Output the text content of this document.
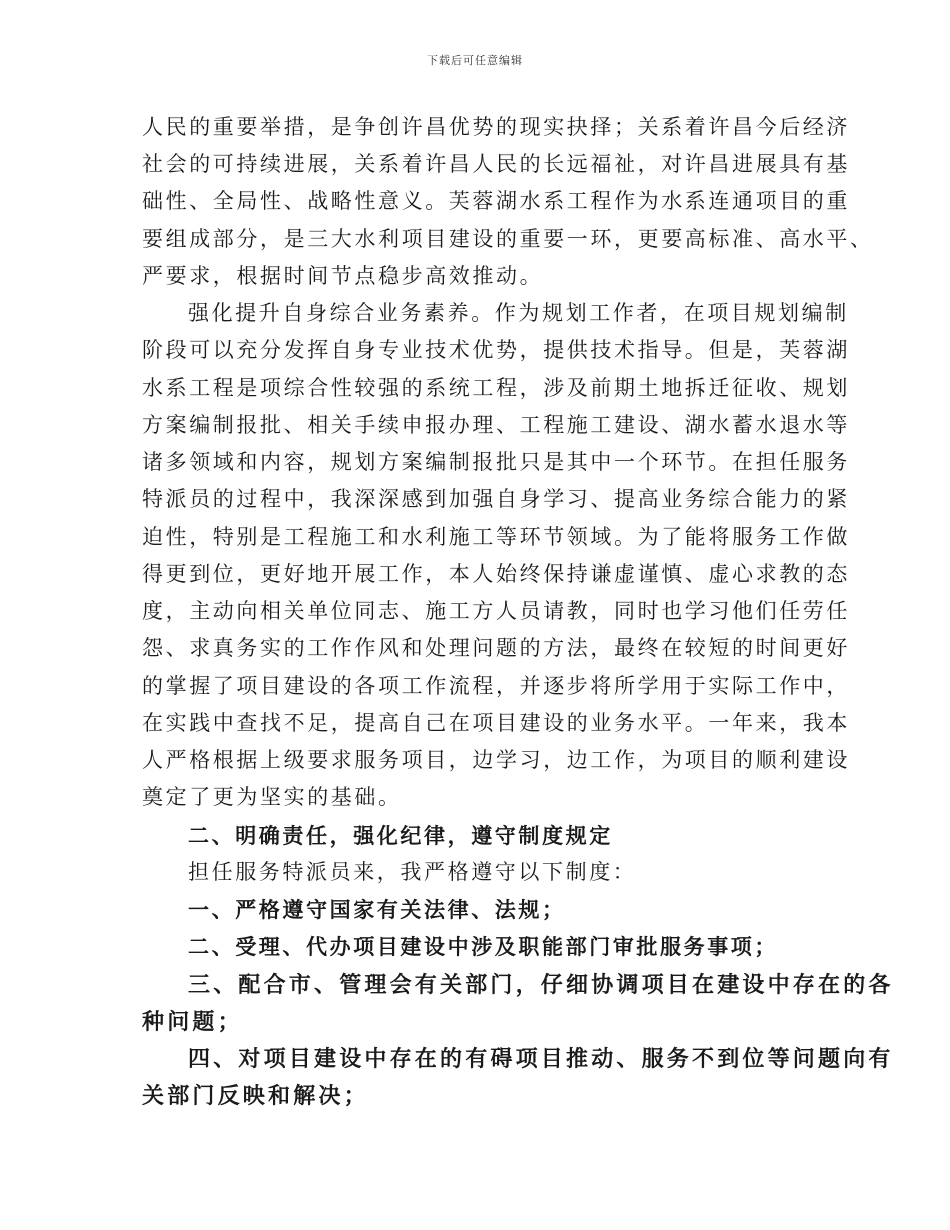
下载后可任意编辑
人民的重要举措，是争创许昌优势的现实抉择；关系着许昌今后经济
社会的可持续进展，关系着许昌人民的长远福祉，对许昌进展具有基
础性、全局性、战略性意义。芙蓉湖水系工程作为水系连通项目的重
要组成部分，是三大水利项目建设的重要一环，更要高标准、高水平、
严要求，根据时间节点稳步高效推动。
强化提升自身综合业务素养。作为规划工作者，在项目规划编制
阶段可以充分发挥自身专业技术优势，提供技术指导。但是，芙蓉湖
水系工程是项综合性较强的系统工程，涉及前期土地拆迁征收、规划
方案编制报批、相关手续申报办理、工程施工建设、湖水蓄水退水等
诸多领域和内容，规划方案编制报批只是其中一个环节。在担任服务
特派员的过程中，我深深感到加强自身学习、提高业务综合能力的紧
迫性，特别是工程施工和水利施工等环节领域。为了能将服务工作做
得更到位，更好地开展工作，本人始终保持谦虚谨慎、虚心求教的态
度，主动向相关单位同志、施工方人员请教，同时也学习他们任劳任
怨、求真务实的工作作风和处理问题的方法，最终在较短的时间更好
的掌握了项目建设的各项工作流程，并逐步将所学用于实际工作中，
在实践中查找不足，提高自己在项目建设的业务水平。一年来，我本
人严格根据上级要求服务项目，边学习，边工作，为项目的顺利建设
奠定了更为坚实的基础。
二、明确责任，强化纪律，遵守制度规定
担任服务特派员来，我严格遵守以下制度：
一、严格遵守国家有关法律、法规；
二、受理、代办项目建设中涉及职能部门审批服务事项；
三、配合市、管理会有关部门，仔细协调项目在建设中存在的各
种问题；
四、对项目建设中存在的有碍项目推动、服务不到位等问题向有
关部门反映和解决；
